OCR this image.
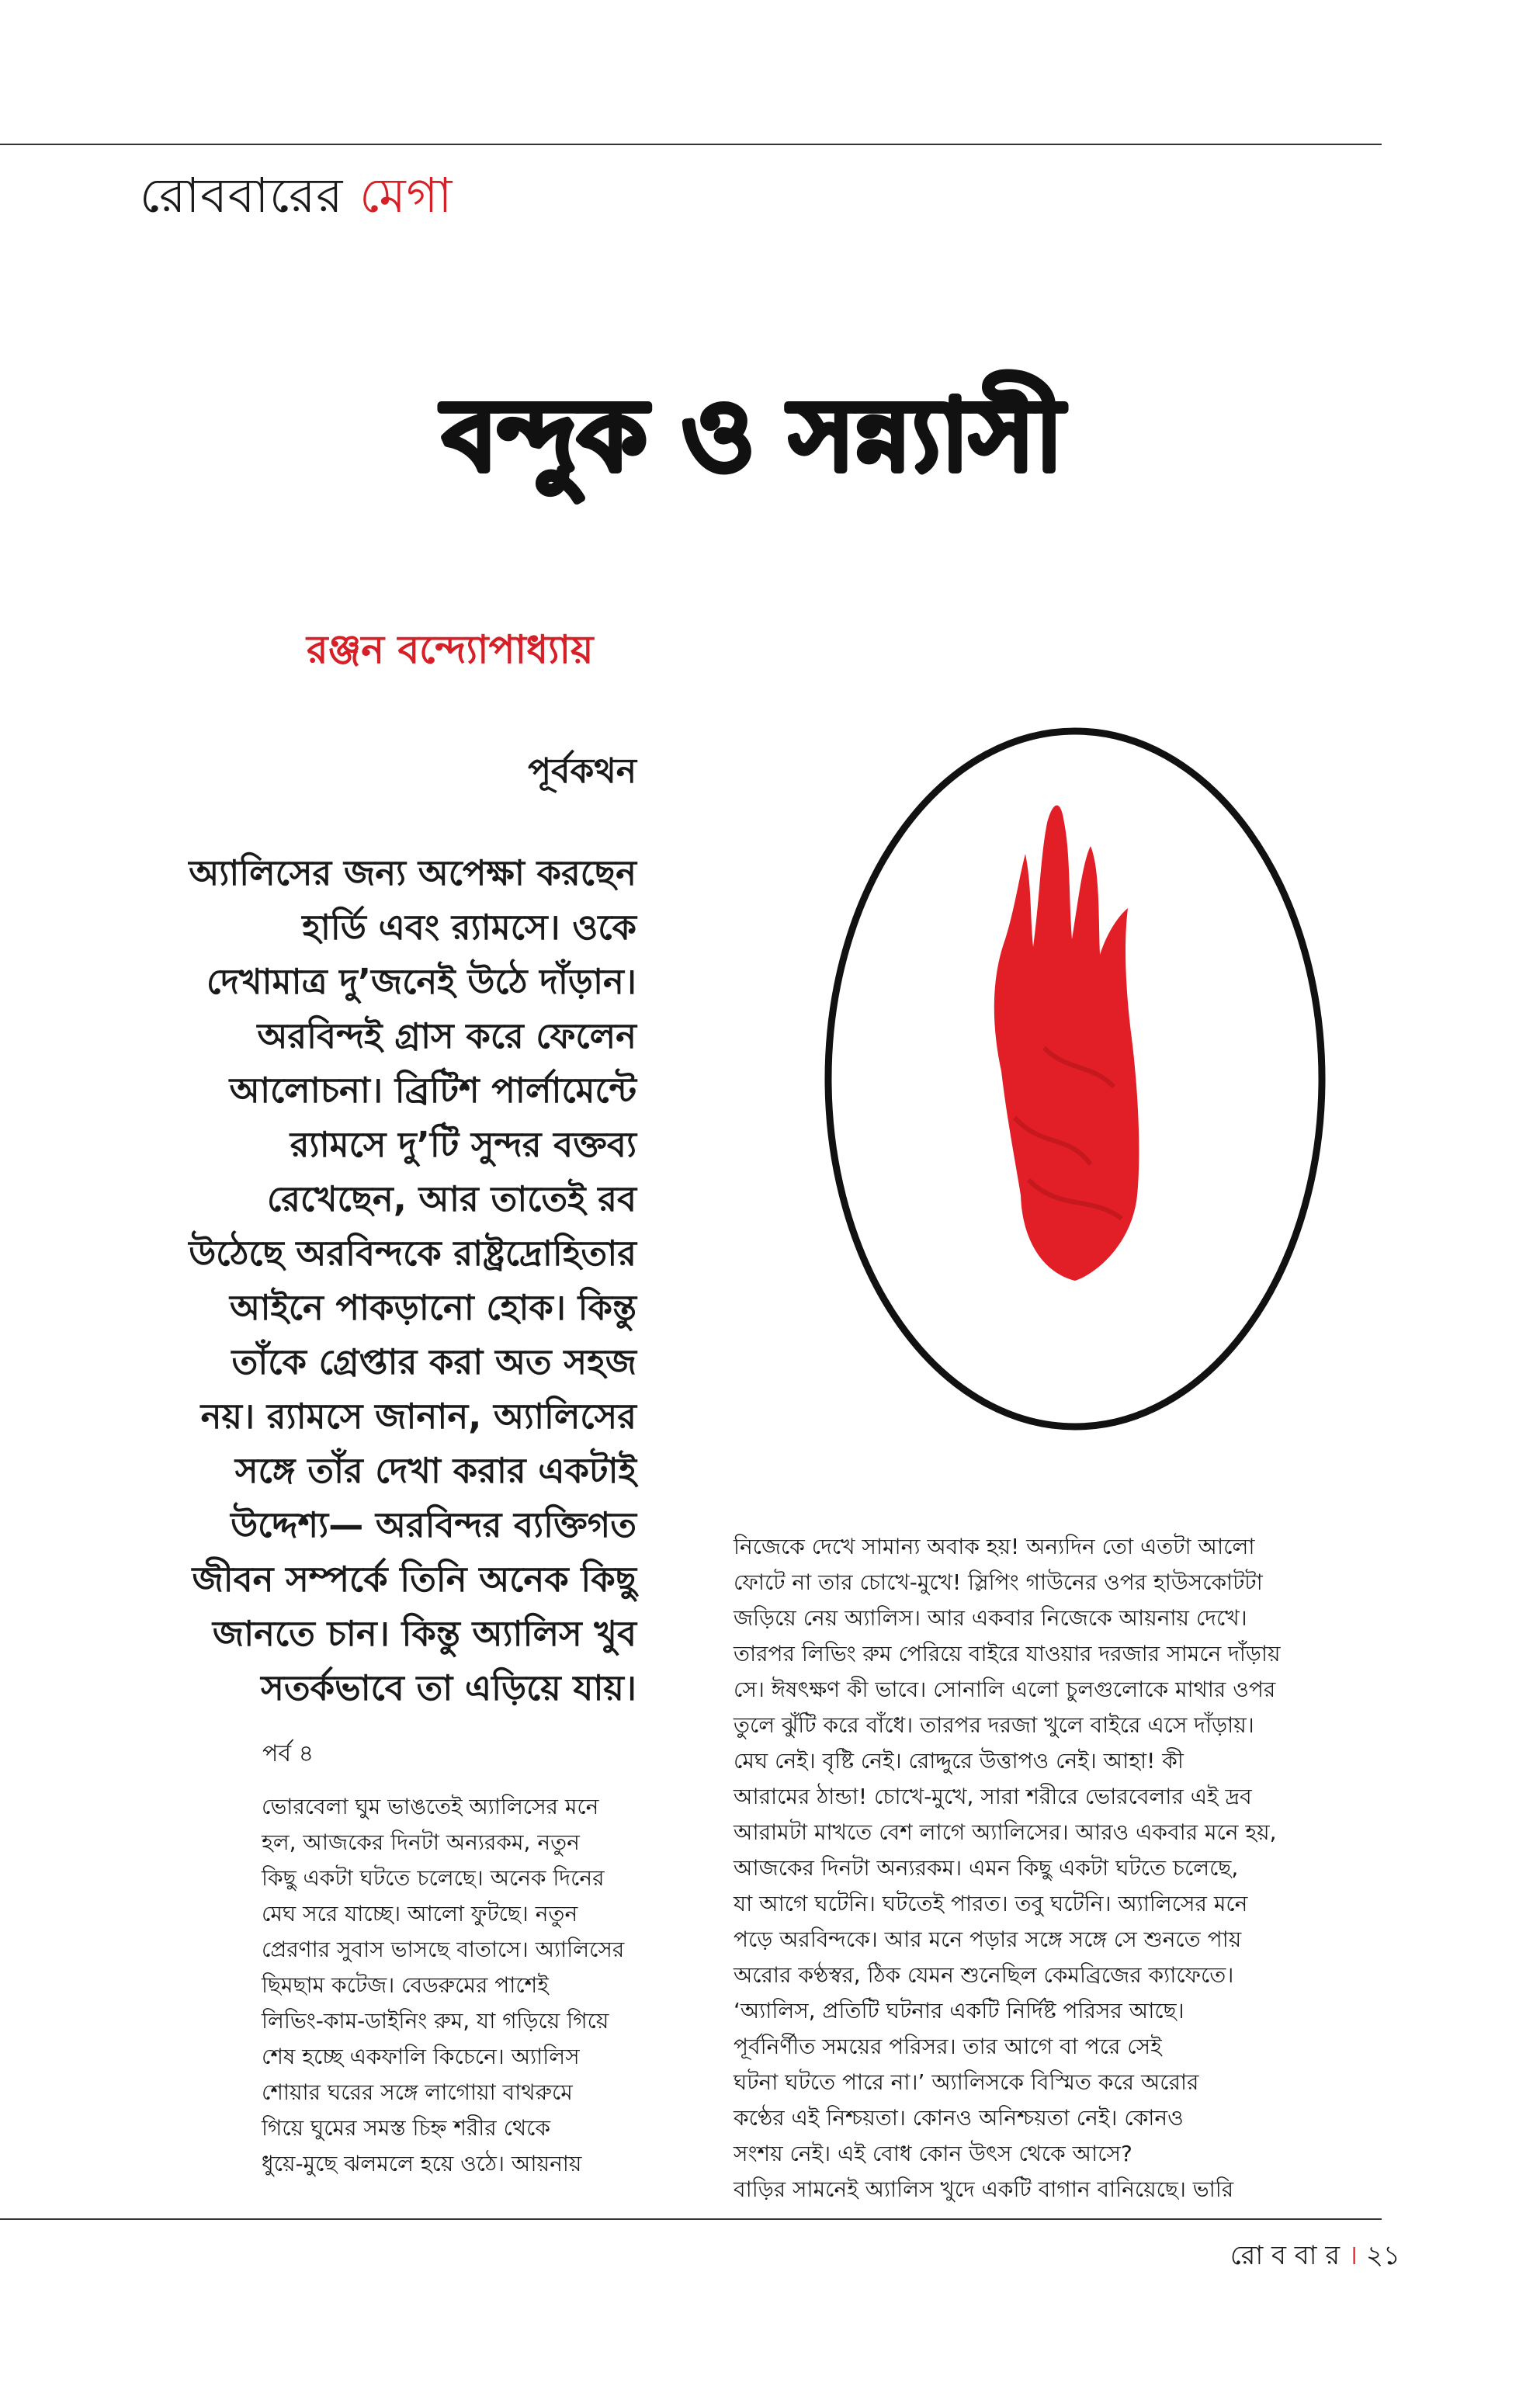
রোববারের মেগা
বন্দুক ও সন্ন্যাসী
রঞ্জন বন্দ্যোপাধ্যায়
পূর্বকথন

অ্যালিসের জন্য অপেক্ষা করছেন

হার্ডি এবং র‍্যামসে। ওকে

দেখামাত্র দু’জনেই উঠে দাঁড়ান।

অরবিন্দই গ্রাস করে ফেলেন

আলোচনা। ব্রিটিশ পার্লামেন্টে

র‍্যামসে দু’টি সুন্দর বক্তব্য

রেখেছেন, আর তাতেই রব

উঠেছে অরবিন্দকে রাষ্ট্রদ্রোহিতার

আইনে পাকড়ানো হোক। কিন্তু

তাঁকে গ্রেপ্তার করা অত সহজ

নয়। র‍্যামসে জানান, অ্যালিসের

সঙ্গে তাঁর দেখা করার একটাই

উদ্দেশ্য— অরবিন্দর ব্যক্তিগত

জীবন সম্পর্কে তিনি অনেক কিছু

জানতে চান। কিন্তু অ্যালিস খুব

সতর্কভাবে তা এড়িয়ে যায়।

পর্ব ৪

ভোরবেলা ঘুম ভাঙতেই অ্যালিসের মনে

হল, আজকের দিনটা অন্যরকম, নতুন

কিছু একটা ঘটতে চলেছে। অনেক দিনের

মেঘ সরে যাচ্ছে। আলো ফুটছে। নতুন

প্রেরণার সুবাস ভাসছে বাতাসে। অ্যালিসের

ছিমছাম কটেজ। বেডরুমের পাশেই

লিভিং-কাম-ডাইনিং রুম, যা গড়িয়ে গিয়ে

শেষ হচ্ছে একফালি কিচেনে। অ্যালিস

শোয়ার ঘরের সঙ্গে লাগোয়া বাথরুমে

গিয়ে ঘুমের সমস্ত চিহ্ন শরীর থেকে

ধুয়ে-মুছে ঝলমলে হয়ে ওঠে। আয়নায়

নিজেকে দেখে সামান্য অবাক হয়! অন্যদিন তো এতটা আলো

ফোটে না তার চোখে-মুখে! স্লিপিং গাউনের ওপর হাউসকোটটা

জড়িয়ে নেয় অ্যালিস। আর একবার নিজেকে আয়নায় দেখে।

তারপর লিভিং রুম পেরিয়ে বাইরে যাওয়ার দরজার সামনে দাঁড়ায়

সে। ঈষৎক্ষণ কী ভাবে। সোনালি এলো চুলগুলোকে মাথার ওপর

তুলে ঝুঁটি করে বাঁধে। তারপর দরজা খুলে বাইরে এসে দাঁড়ায়।

মেঘ নেই। বৃষ্টি নেই। রোদ্দুরে উত্তাপও নেই। আহা! কী

আরামের ঠান্ডা! চোখে-মুখে, সারা শরীরে ভোরবেলার এই দ্রব

আরামটা মাখতে বেশ লাগে অ্যালিসের। আরও একবার মনে হয়,

আজকের দিনটা অন্যরকম। এমন কিছু একটা ঘটতে চলেছে,

যা আগে ঘটেনি। ঘটতেই পারত। তবু ঘটেনি। অ্যালিসের মনে

পড়ে অরবিন্দকে। আর মনে পড়ার সঙ্গে সঙ্গে সে শুনতে পায়

অরোর কণ্ঠস্বর, ঠিক যেমন শুনেছিল কেমব্রিজের ক্যাফেতে।

‘অ্যালিস, প্রতিটি ঘটনার একটি নির্দিষ্ট পরিসর আছে।

পূর্বনির্ণীত সময়ের পরিসর। তার আগে বা পরে সেই

ঘটনা ঘটতে পারে না।’ অ্যালিসকে বিস্মিত করে অরোর

কণ্ঠের এই নিশ্চয়তা। কোনও অনিশ্চয়তা নেই। কোনও

সংশয় নেই। এই বোধ কোন উৎস থেকে আসে?

বাড়ির সামনেই অ্যালিস খুদে একটি বাগান বানিয়েছে। ভারি

রো ব বা র । ২১
